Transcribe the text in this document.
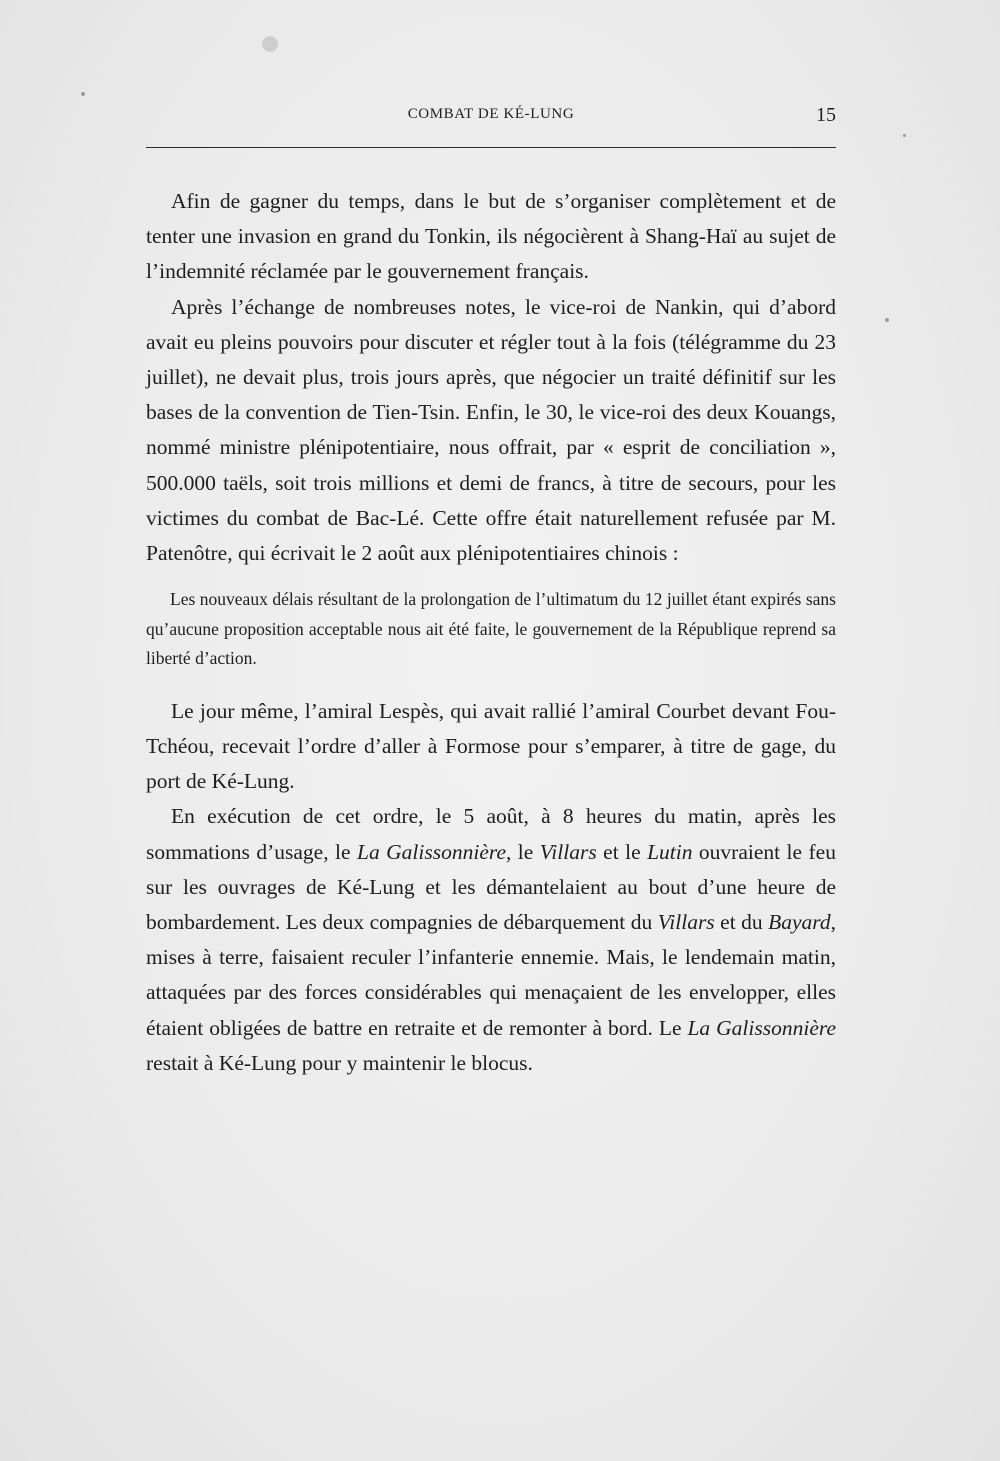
COMBAT DE KÉ-LUNG	15

Afin de gagner du temps, dans le but de s’organiser complètement et de tenter une invasion en grand du Tonkin, ils négocièrent à Shang-Haï au sujet de l’indemnité réclamée par le gouvernement français.

Après l’échange de nombreuses notes, le vice-roi de Nankin, qui d’abord avait eu pleins pouvoirs pour discuter et régler tout à la fois (télégramme du 23 juillet), ne devait plus, trois jours après, que négocier un traité définitif sur les bases de la convention de Tien-Tsin. Enfin, le 30, le vice-roi des deux Kouangs, nommé ministre plénipotentiaire, nous offrait, par « esprit de conciliation », 500.000 taëls, soit trois millions et demi de francs, à titre de secours, pour les victimes du combat de Bac-Lé. Cette offre était naturellement refusée par M. Patenôtre, qui écrivait le 2 août aux plénipotentiaires chinois :

Les nouveaux délais résultant de la prolongation de l’ultimatum du 12 juillet étant expirés sans qu’aucune proposition acceptable nous ait été faite, le gouvernement de la République reprend sa liberté d’action.

Le jour même, l’amiral Lespès, qui avait rallié l’amiral Courbet devant Fou-Tchéou, recevait l’ordre d’aller à Formose pour s’emparer, à titre de gage, du port de Ké-Lung.

En exécution de cet ordre, le 5 août, à 8 heures du matin, après les sommations d’usage, le La Galissonnière, le Villars et le Lutin ouvraient le feu sur les ouvrages de Ké-Lung et les démantelaient au bout d’une heure de bombardement. Les deux compagnies de débarquement du Villars et du Bayard, mises à terre, faisaient reculer l’infanterie ennemie. Mais, le lendemain matin, attaquées par des forces considérables qui menaçaient de les envelopper, elles étaient obligées de battre en retraite et de remonter à bord. Le La Galissonnière restait à Ké-Lung pour y maintenir le blocus.
